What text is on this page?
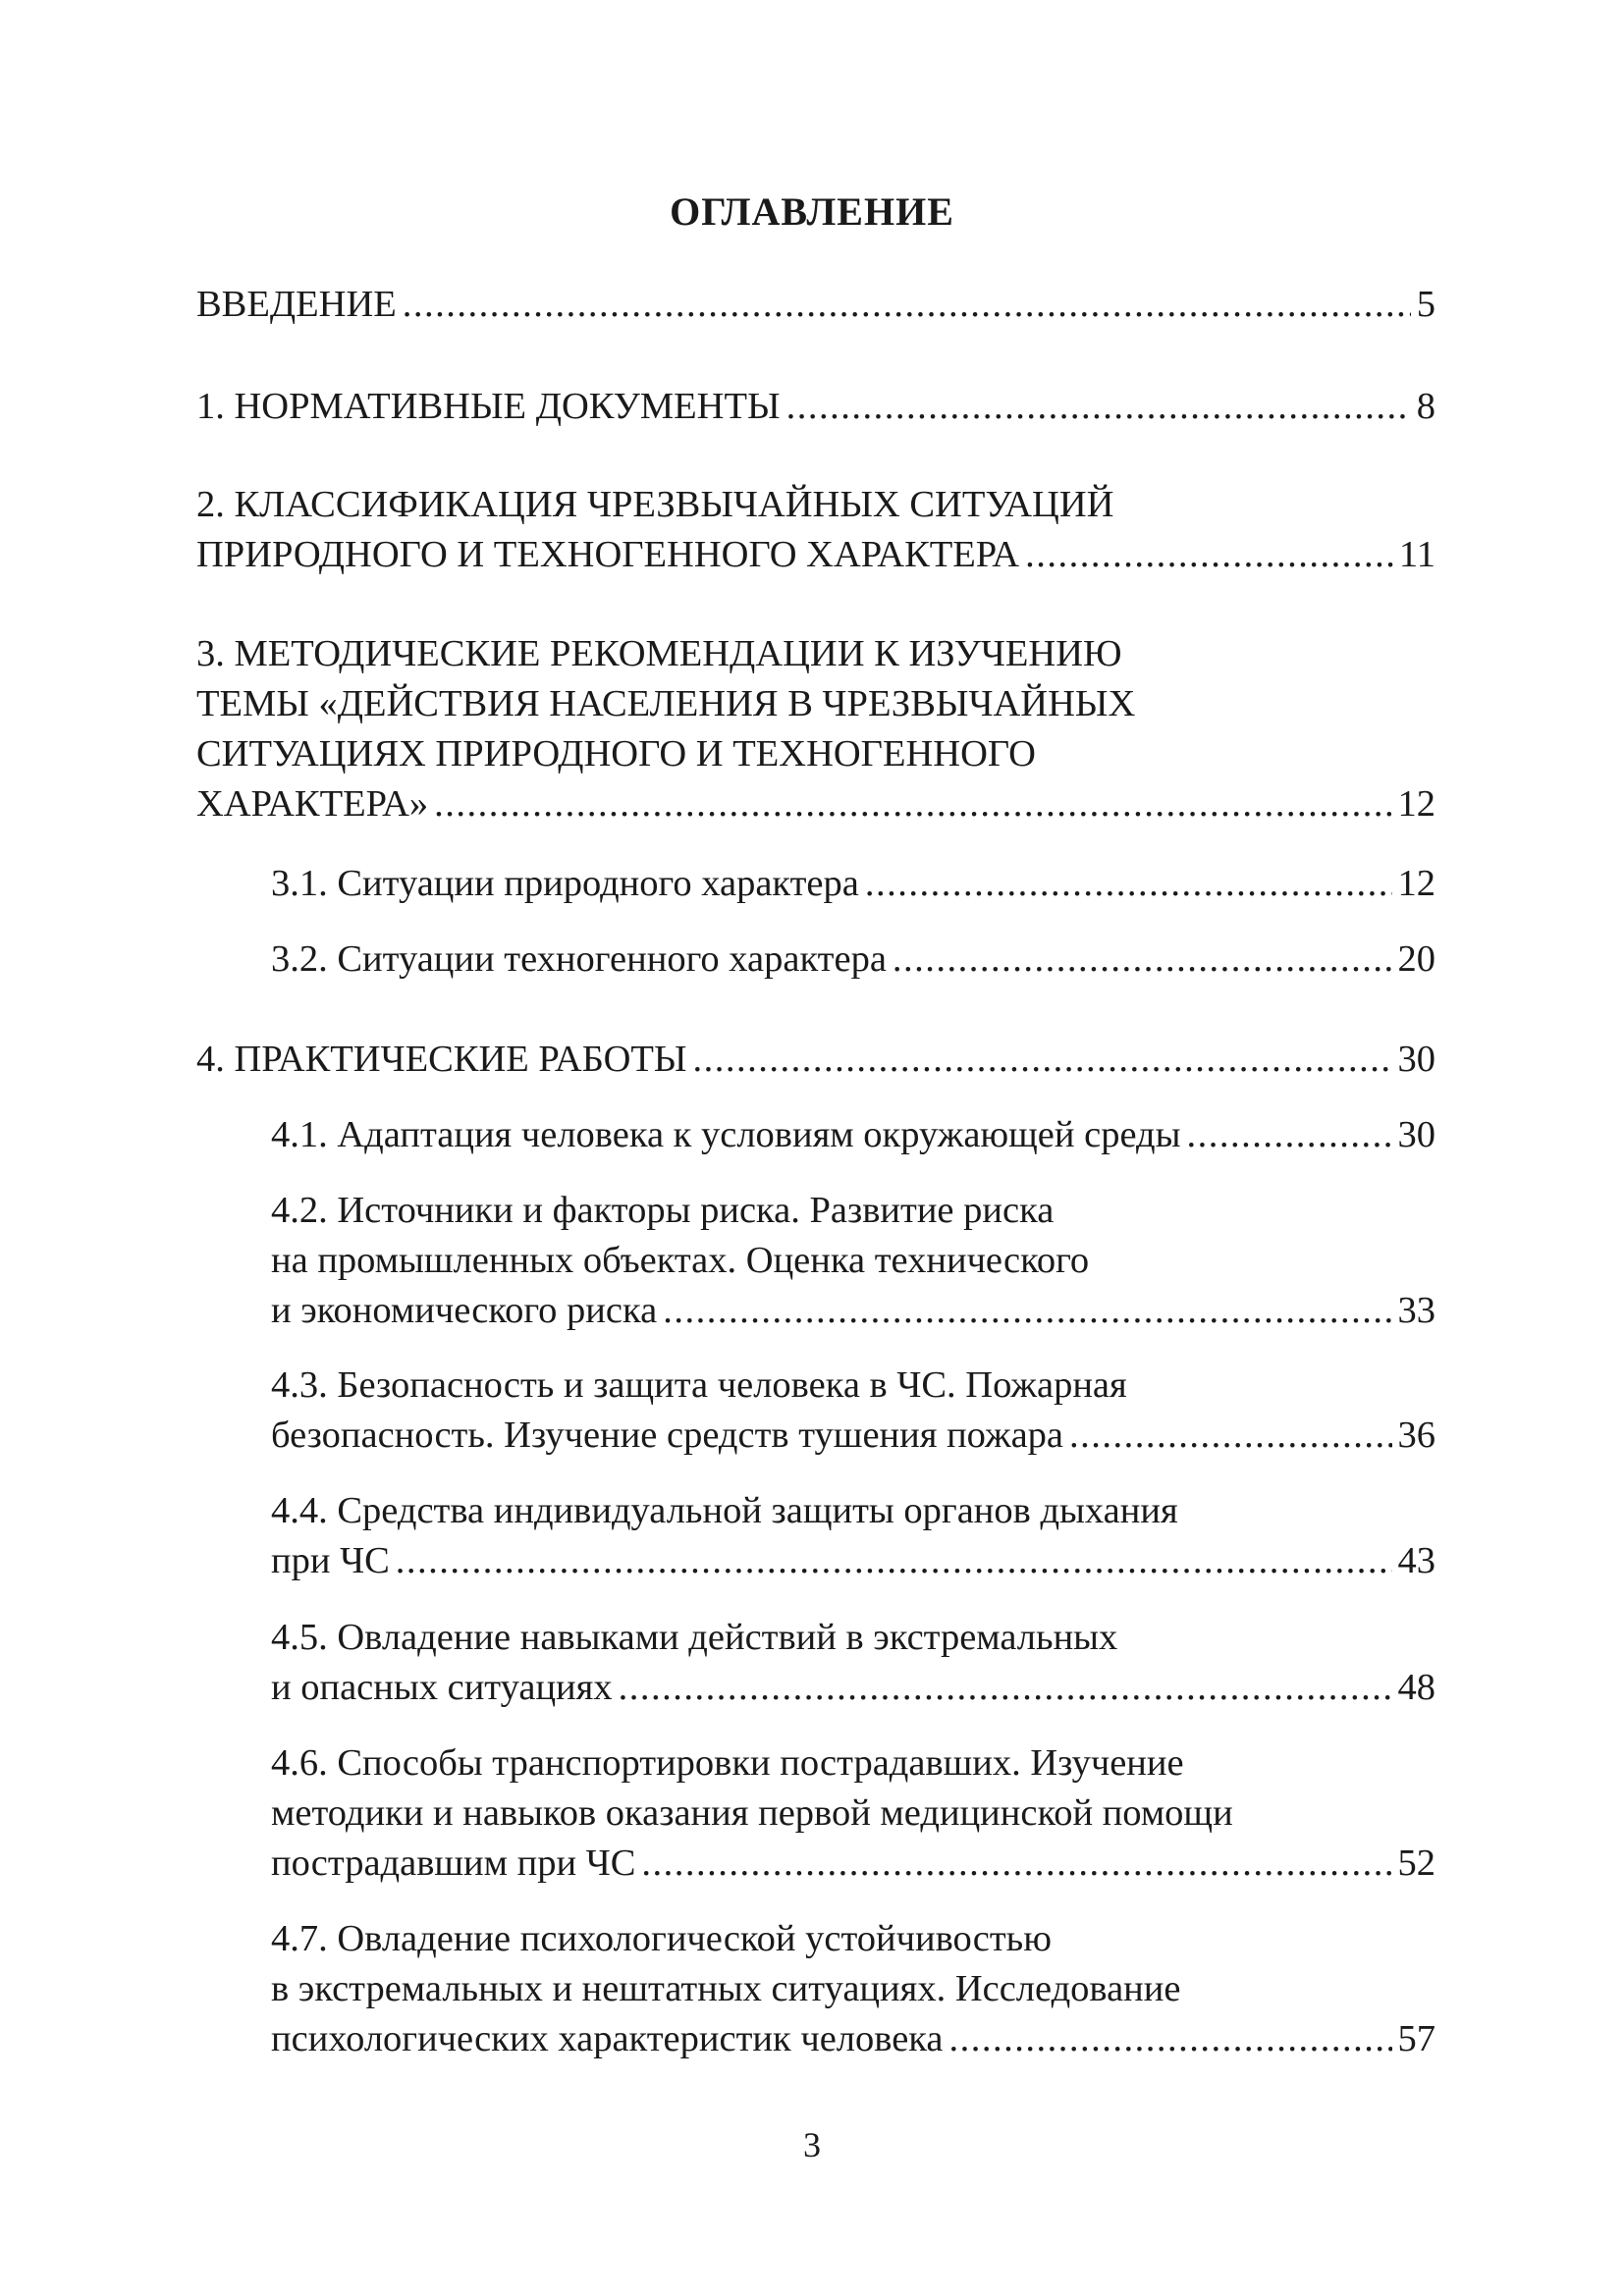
ОГЛАВЛЕНИЕ
ВВЕДЕНИЕ .....	5
1. НОРМАТИВНЫЕ ДОКУМЕНТЫ .....	8
2. КЛАССИФИКАЦИЯ ЧРЕЗВЫЧАЙНЫХ СИТУАЦИЙ
ПРИРОДНОГО И ТЕХНОГЕННОГО ХАРАКТЕРА .....	11
3. МЕТОДИЧЕСКИЕ РЕКОМЕНДАЦИИ К ИЗУЧЕНИЮ
ТЕМЫ «ДЕЙСТВИЯ НАСЕЛЕНИЯ В ЧРЕЗВЫЧАЙНЫХ
СИТУАЦИЯХ ПРИРОДНОГО И ТЕХНОГЕННОГО
ХАРАКТЕРА» .....	12
3.1. Ситуации природного характера .....	12
3.2. Ситуации техногенного характера .....	20
4. ПРАКТИЧЕСКИЕ РАБОТЫ .....	30
4.1. Адаптация человека к условиям окружающей среды .....	30
4.2. Источники и факторы риска. Развитие риска
на промышленных объектах. Оценка технического
и экономического риска .....	33
4.3. Безопасность и защита человека в ЧС. Пожарная
безопасность. Изучение средств тушения пожара .....	36
4.4. Средства индивидуальной защиты органов дыхания
при ЧС .....	43
4.5. Овладение навыками действий в экстремальных
и опасных ситуациях .....	48
4.6. Способы транспортировки пострадавших. Изучение
методики и навыков оказания первой медицинской помощи
пострадавшим при ЧС .....	52
4.7. Овладение психологической устойчивостью
в экстремальных и нештатных ситуациях. Исследование
психологических характеристик человека .....	57
3
